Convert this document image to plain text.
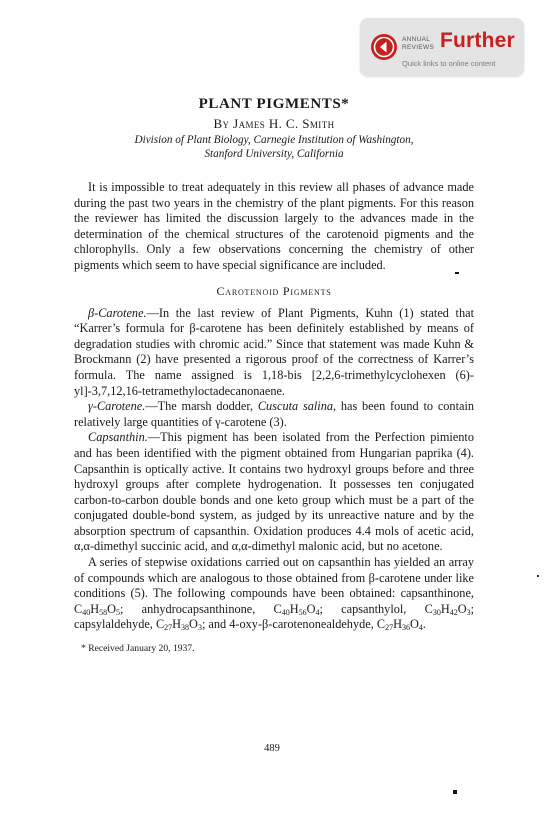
ANNUAL
REVIEWS Further
Quick links to online content
PLANT PIGMENTS*

By James H. C. Smith

Division of Plant Biology, Carnegie Institution of Washington,

Stanford University, California

It is impossible to treat adequately in this review all phases of advance made during the past two years in the chemistry of the plant pigments. For this reason the reviewer has limited the discussion largely to the advances made in the determination of the chemical structures of the carotenoid pigments and the chlorophylls. Only a few observations concerning the chemistry of other pigments which seem to have special significance are included.

Carotenoid Pigments

β-Carotene.—In the last review of Plant Pigments, Kuhn (1) stated that “Karrer’s formula for β-carotene has been definitely established by means of degradation studies with chromic acid.” Since that statement was made Kuhn & Brockmann (2) have presented a rigorous proof of the correctness of Karrer’s formula. The name assigned is 1,18-bis [2,2,6-trimethylcyclohexen (6)-yl]-3,7,12,16-tetramethyloctadecanonaene.

γ-Carotene.—The marsh dodder, Cuscuta salina, has been found to contain relatively large quantities of γ-carotene (3).

Capsanthin.—This pigment has been isolated from the Perfection pimiento and has been identified with the pigment obtained from Hungarian paprika (4). Capsanthin is optically active. It contains two hydroxyl groups before and three hydroxyl groups after complete hydrogenation. It possesses ten conjugated carbon-to-carbon double bonds and one keto group which must be a part of the conjugated double-bond system, as judged by its unreactive nature and by the absorption spectrum of capsanthin. Oxidation produces 4.4 mols of acetic acid, α,α-dimethyl succinic acid, and α,α-dimethyl malonic acid, but no acetone.

A series of stepwise oxidations carried out on capsanthin has yielded an array of compounds which are analogous to those obtained from β-carotene under like conditions (5). The following compounds have been obtained: capsanthinone, $C_{40}H_{58}O_5$; anhydrocapsanthinone, $C_{40}H_{56}O_4$; capsanthylol, $C_{30}H_{42}O_3$; capsylaldehyde, $C_{27}H_{38}O_3$; and 4-oxy-β-carotenonealdehyde, $C_{27}H_{36}O_4$.

* Received January 20, 1937.

489
